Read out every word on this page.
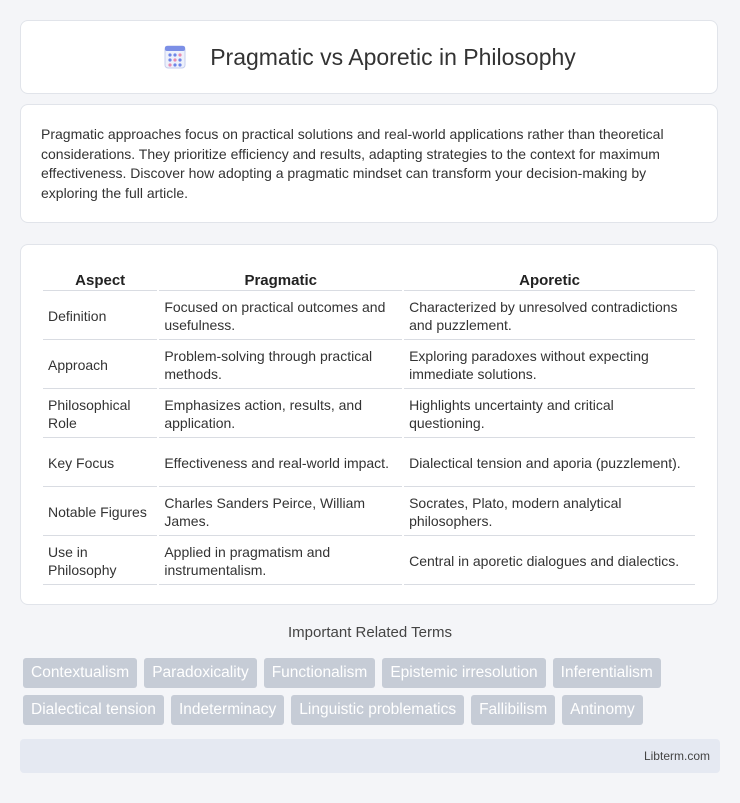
Pragmatic vs Aporetic in Philosophy

Pragmatic approaches focus on practical solutions and real-world applications rather than theoretical considerations. They prioritize efficiency and results, adapting strategies to the context for maximum effectiveness. Discover how adopting a pragmatic mindset can transform your decision-making by exploring the full article.

Aspect	Pragmatic	Aporetic
Definition	Focused on practical outcomes and usefulness.	Characterized by unresolved contradictions and puzzlement.
Approach	Problem-solving through practical methods.	Exploring paradoxes without expecting immediate solutions.
Philosophical Role	Emphasizes action, results, and application.	Highlights uncertainty and critical questioning.
Key Focus	Effectiveness and real-world impact.	Dialectical tension and aporia (puzzlement).
Notable Figures	Charles Sanders Peirce, William James.	Socrates, Plato, modern analytical philosophers.
Use in Philosophy	Applied in pragmatism and instrumentalism.	Central in aporetic dialogues and dialectics.
Important Related Terms
Contextualism	Paradoxicality	Functionalism	Epistemic irresolution	Inferentialism
Dialectical tension	Indeterminacy	Linguistic problematics	Fallibilism	Antinomy
Libterm.com
